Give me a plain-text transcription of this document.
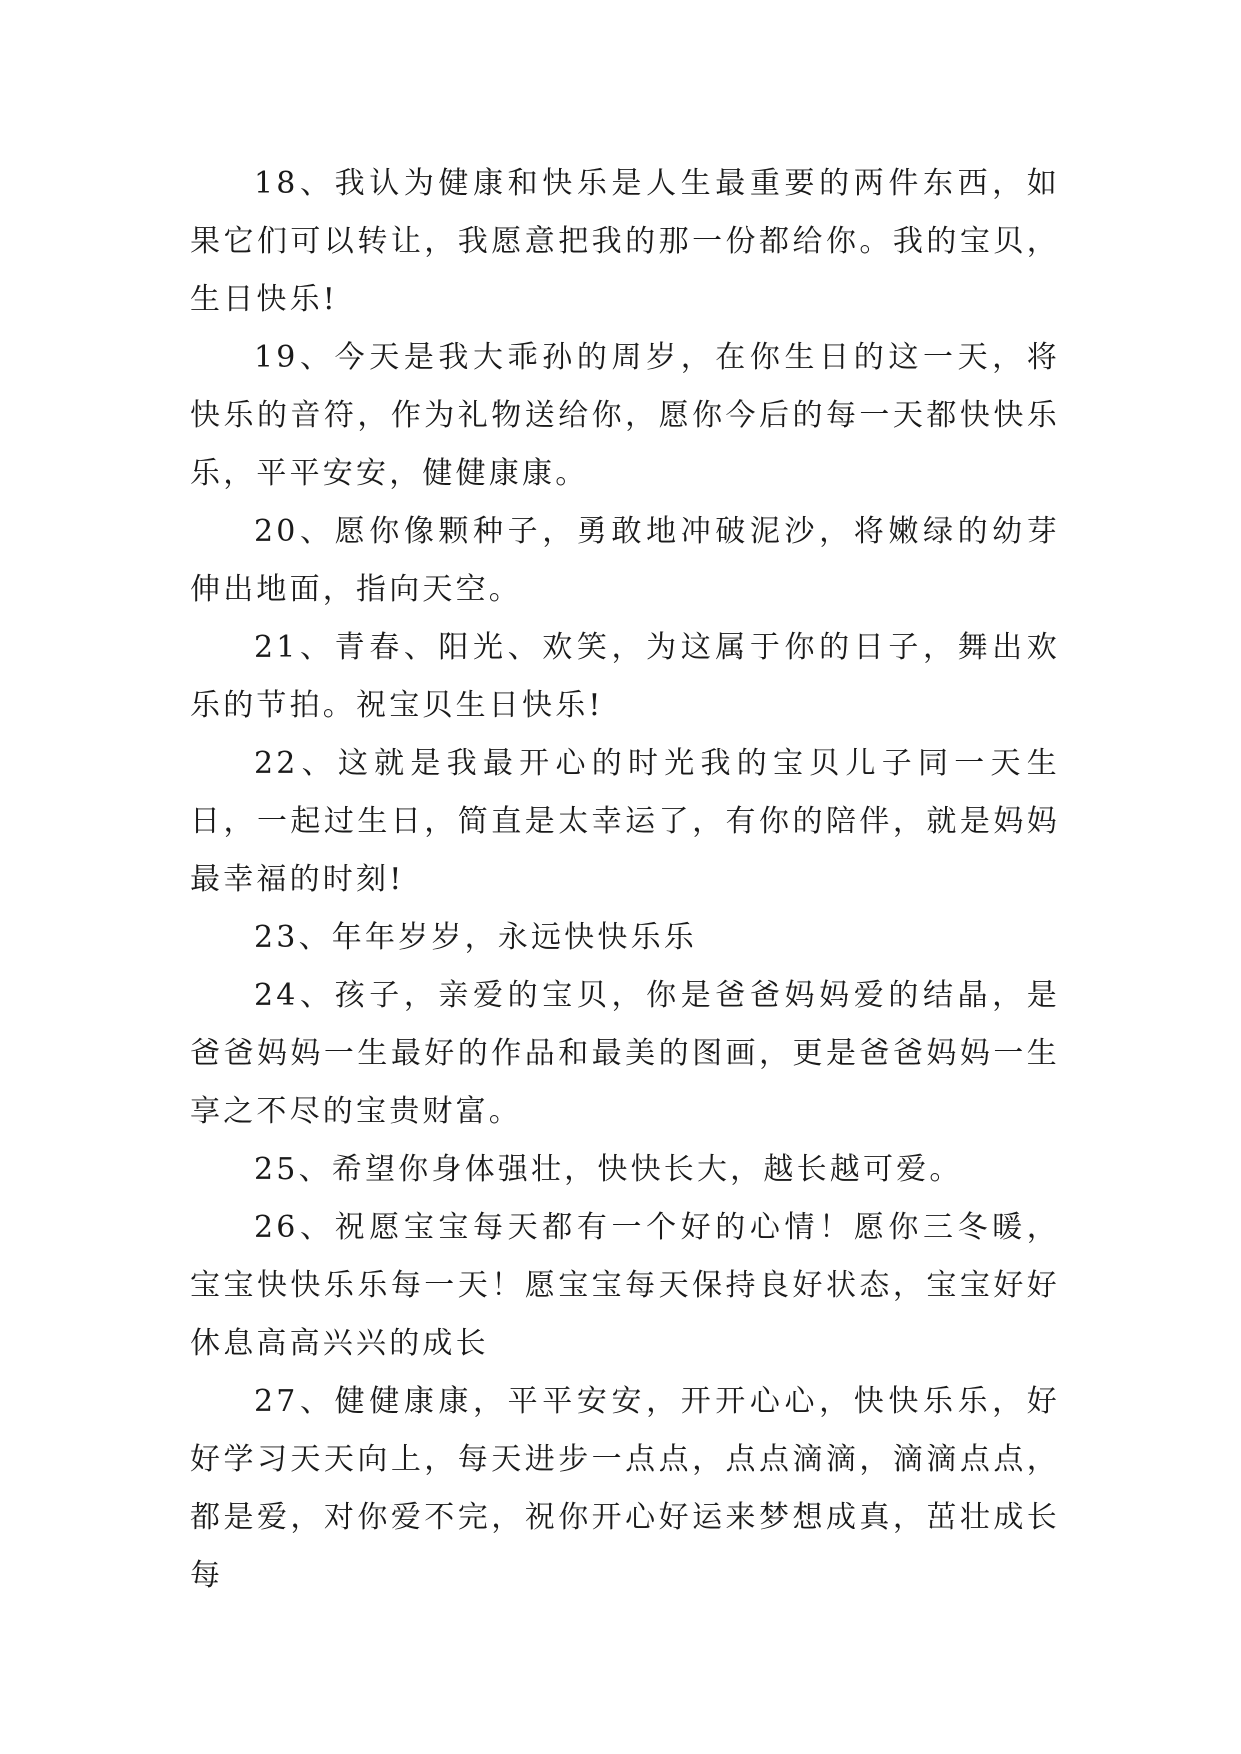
18、我认为健康和快乐是人生最重要的两件东西，如果它们可以转让，我愿意把我的那一份都给你。我的宝贝，生日快乐!

19、今天是我大乖孙的周岁，在你生日的这一天，将快乐的音符，作为礼物送给你，愿你今后的每一天都快快乐乐，平平安安，健健康康。

20、愿你像颗种子，勇敢地冲破泥沙，将嫩绿的幼芽伸出地面，指向天空。

21、青春、阳光、欢笑，为这属于你的日子，舞出欢乐的节拍。祝宝贝生日快乐!

22、这就是我最开心的时光我的宝贝儿子同一天生日，一起过生日，简直是太幸运了，有你的陪伴，就是妈妈最幸福的时刻!

23、年年岁岁，永远快快乐乐

24、孩子，亲爱的宝贝，你是爸爸妈妈爱的结晶，是爸爸妈妈一生最好的作品和最美的图画，更是爸爸妈妈一生享之不尽的宝贵财富。

25、希望你身体强壮，快快长大，越长越可爱。

26、祝愿宝宝每天都有一个好的心情！愿你三冬暖，宝宝快快乐乐每一天！愿宝宝每天保持良好状态，宝宝好好休息高高兴兴的成长

27、健健康康，平平安安，开开心心，快快乐乐，好好学习天天向上，每天进步一点点，点点滴滴，滴滴点点，都是爱，对你爱不完，祝你开心好运来梦想成真，茁壮成长每
